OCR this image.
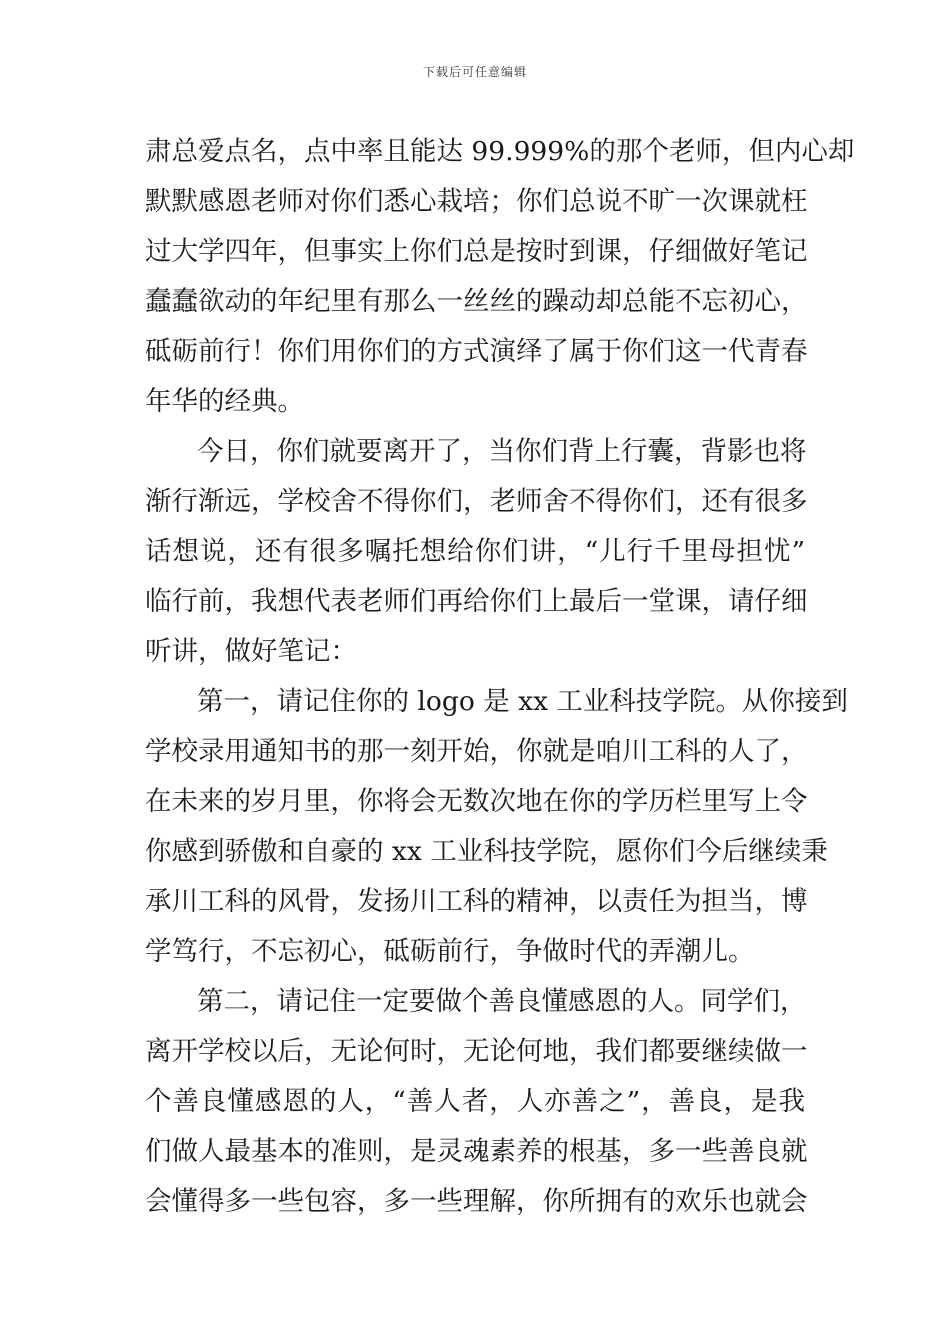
下载后可任意编辑
肃总爱点名，点中率且能达 99.999%的那个老师，但内心却
默默感恩老师对你们悉心栽培；你们总说不旷一次课就枉
过大学四年，但事实上你们总是按时到课，仔细做好笔记
蠢蠢欲动的年纪里有那么一丝丝的躁动却总能不忘初心，
砥砺前行！你们用你们的方式演绎了属于你们这一代青春
年华的经典。
今日，你们就要离开了，当你们背上行囊，背影也将
渐行渐远，学校舍不得你们，老师舍不得你们，还有很多
话想说，还有很多嘱托想给你们讲，“儿行千里母担忧”
临行前，我想代表老师们再给你们上最后一堂课，请仔细
听讲，做好笔记：
第一，请记住你的 logo 是 xx 工业科技学院。从你接到
学校录用通知书的那一刻开始，你就是咱川工科的人了，
在未来的岁月里，你将会无数次地在你的学历栏里写上令
你感到骄傲和自豪的 xx 工业科技学院，愿你们今后继续秉
承川工科的风骨，发扬川工科的精神，以责任为担当，博
学笃行，不忘初心，砥砺前行，争做时代的弄潮儿。
第二，请记住一定要做个善良懂感恩的人。同学们，
离开学校以后，无论何时，无论何地，我们都要继续做一
个善良懂感恩的人，“善人者，人亦善之”，善良，是我
们做人最基本的准则，是灵魂素养的根基，多一些善良就
会懂得多一些包容，多一些理解，你所拥有的欢乐也就会
